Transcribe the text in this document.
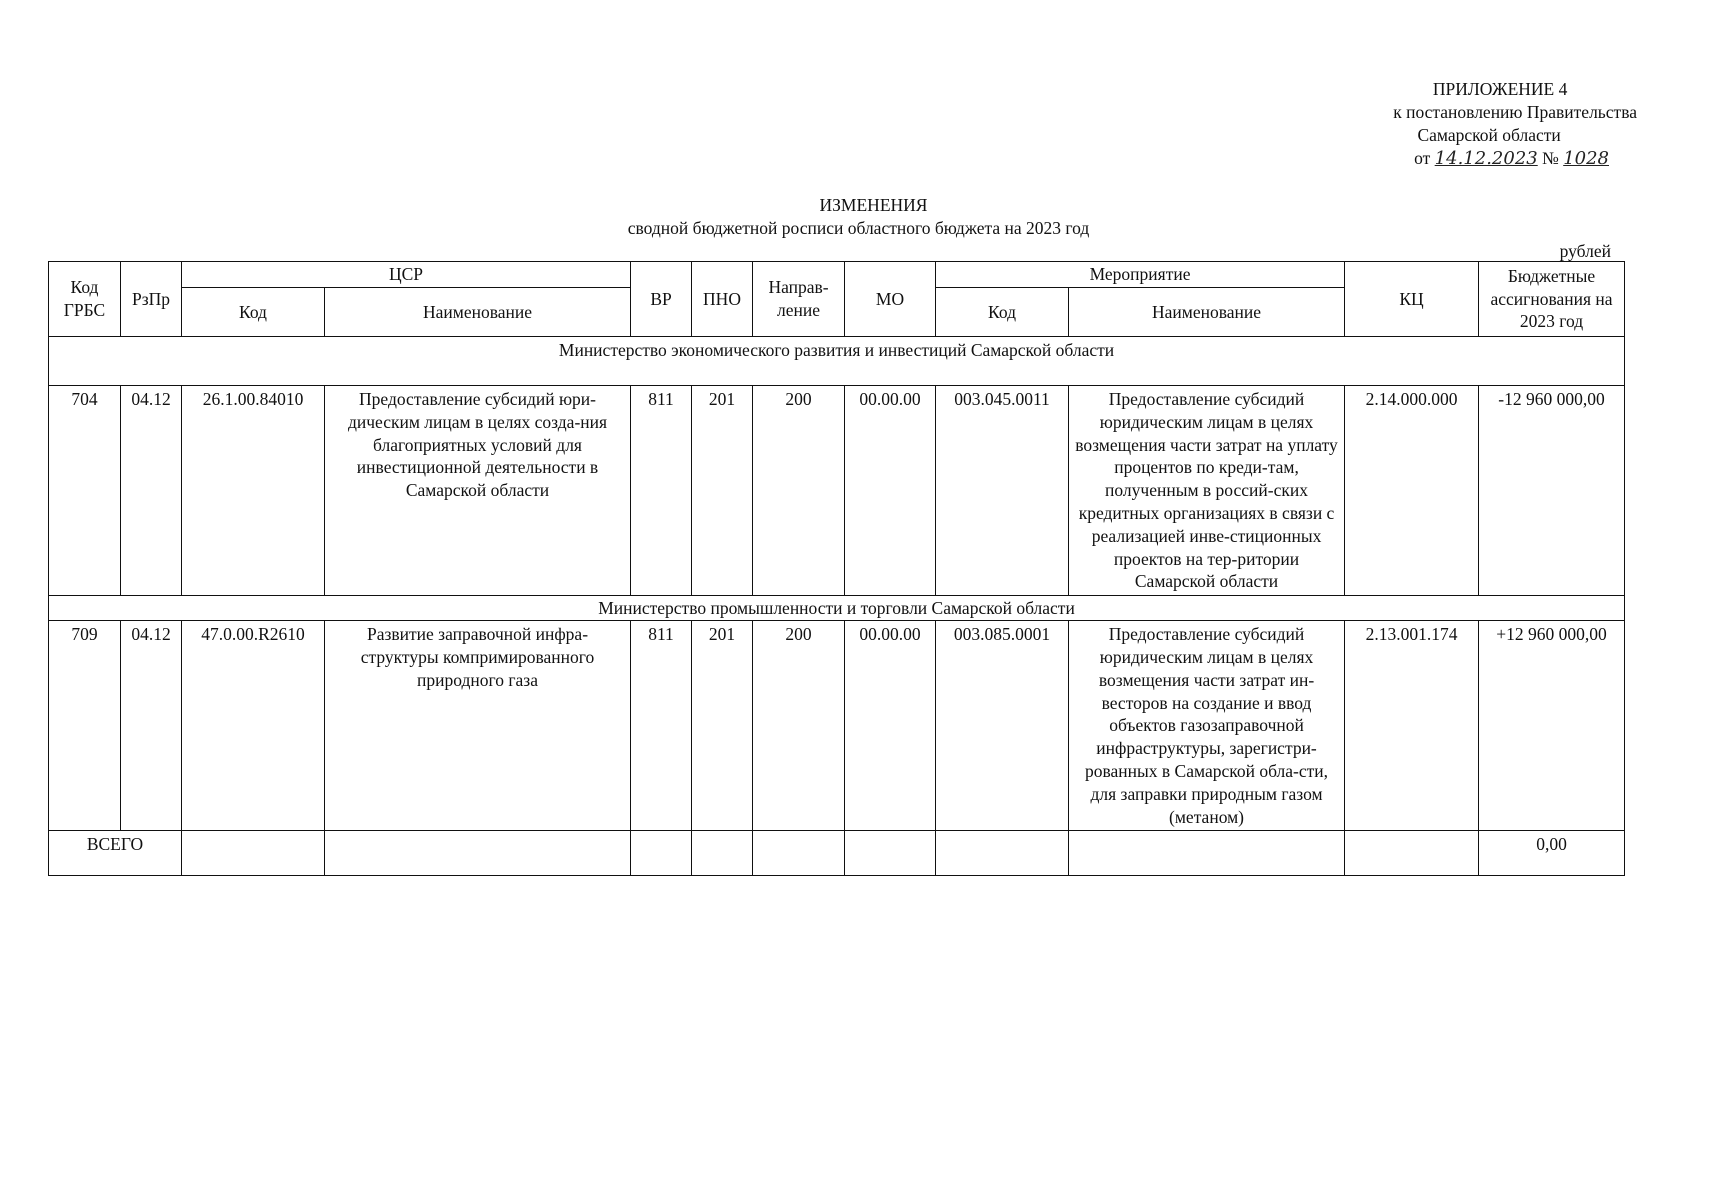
ПРИЛОЖЕНИЕ 4
к постановлению Правительства
Самарской области
от 14.12.2023 № 1028
ИЗМЕНЕНИЯ
сводной бюджетной росписи областного бюджета на 2023 год
рублей
Код ГРБС	РзПр	ЦСР		ВР	ПНО	Направ- ление	МО	Мероприятие		КЦ	Бюджетные ассигнования на 2023 год
		Код	Наименование					Код	Наименование		
Министерство экономического развития и инвестиций Самарской области											
704	04.12	26.1.00.84010	Предоставление субсидий юри-дическим лицам в целях созда-ния благоприятных условий для инвестиционной деятельности в Самарской области	811	201	200	00.00.00	003.045.0011	Предоставление субсидий юридическим лицам в целях возмещения части затрат на уплату процентов по креди-там, полученным в россий-ских кредитных организациях в связи с реализацией инве-стиционных проектов на тер-ритории Самарской области	2.14.000.000	-12 960 000,00
Министерство промышленности и торговли Самарской области											
709	04.12	47.0.00.R2610	Развитие заправочной инфра-структуры компримированного природного газа	811	201	200	00.00.00	003.085.0001	Предоставление субсидий юридическим лицам в целях возмещения части затрат ин-весторов на создание и ввод объектов газозаправочной инфраструктуры, зарегистри-рованных в Самарской обла-сти, для заправки природным газом (метаном)	2.13.001.174	+12 960 000,00
ВСЕГО											0,00
